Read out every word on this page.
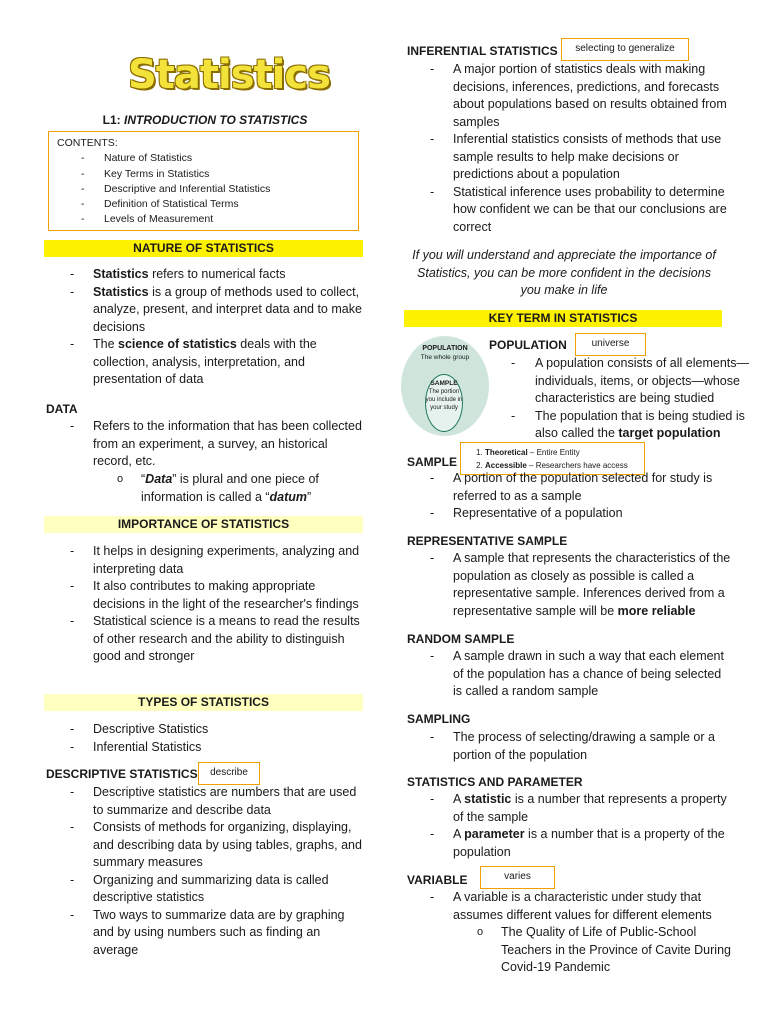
Statistics
L1: INTRODUCTION TO STATISTICS
CONTENTS:
- Nature of Statistics
- Key Terms in Statistics
- Descriptive and Inferential Statistics
- Definition of Statistical Terms
- Levels of Measurement
NATURE OF STATISTICS
- Statistics refers to numerical facts
- Statistics is a group of methods used to collect, analyze, present, and interpret data and to make decisions
- The science of statistics deals with the collection, analysis, interpretation, and presentation of data
DATA
- Refers to the information that has been collected from an experiment, a survey, an historical record, etc.
o “Data” is plural and one piece of information is called a “datum”
IMPORTANCE OF STATISTICS
- It helps in designing experiments, analyzing and interpreting data
- It also contributes to making appropriate decisions in the light of the researcher's findings
- Statistical science is a means to read the results of other research and the ability to distinguish good and stronger
TYPES OF STATISTICS
- Descriptive Statistics
- Inferential Statistics
DESCRIPTIVE STATISTICS	describe
- Descriptive statistics are numbers that are used to summarize and describe data
- Consists of methods for organizing, displaying, and describing data by using tables, graphs, and summary measures
- Organizing and summarizing data is called descriptive statistics
- Two ways to summarize data are by graphing and by using numbers such as finding an average
INFERENTIAL STATISTICS	selecting to generalize
- A major portion of statistics deals with making decisions, inferences, predictions, and forecasts about populations based on results obtained from samples
- Inferential statistics consists of methods that use sample results to help make decisions or predictions about a population
- Statistical inference uses probability to determine how confident we can be that our conclusions are correct
If you will understand and appreciate the importance of Statistics, you can be more confident in the decisions you make in life
KEY TERM IN STATISTICS
POPULATION
The whole group
SAMPLE
The portion you include in your study
POPULATION	universe
- A population consists of all elements—individuals, items, or objects—whose characteristics are being studied
- The population that is being studied is also called the target population
SAMPLE
1. Theoretical – Entire Entity
2. Accessible – Researchers have access
- A portion of the population selected for study is referred to as a sample
- Representative of a population
REPRESENTATIVE SAMPLE
- A sample that represents the characteristics of the population as closely as possible is called a representative sample. Inferences derived from a representative sample will be more reliable
RANDOM SAMPLE
- A sample drawn in such a way that each element of the population has a chance of being selected is called a random sample
SAMPLING
- The process of selecting/drawing a sample or a portion of the population
STATISTICS AND PARAMETER
- A statistic is a number that represents a property of the sample
- A parameter is a number that is a property of the population
VARIABLE	varies
- A variable is a characteristic under study that assumes different values for different elements
o The Quality of Life of Public-School Teachers in the Province of Cavite During Covid-19 Pandemic
